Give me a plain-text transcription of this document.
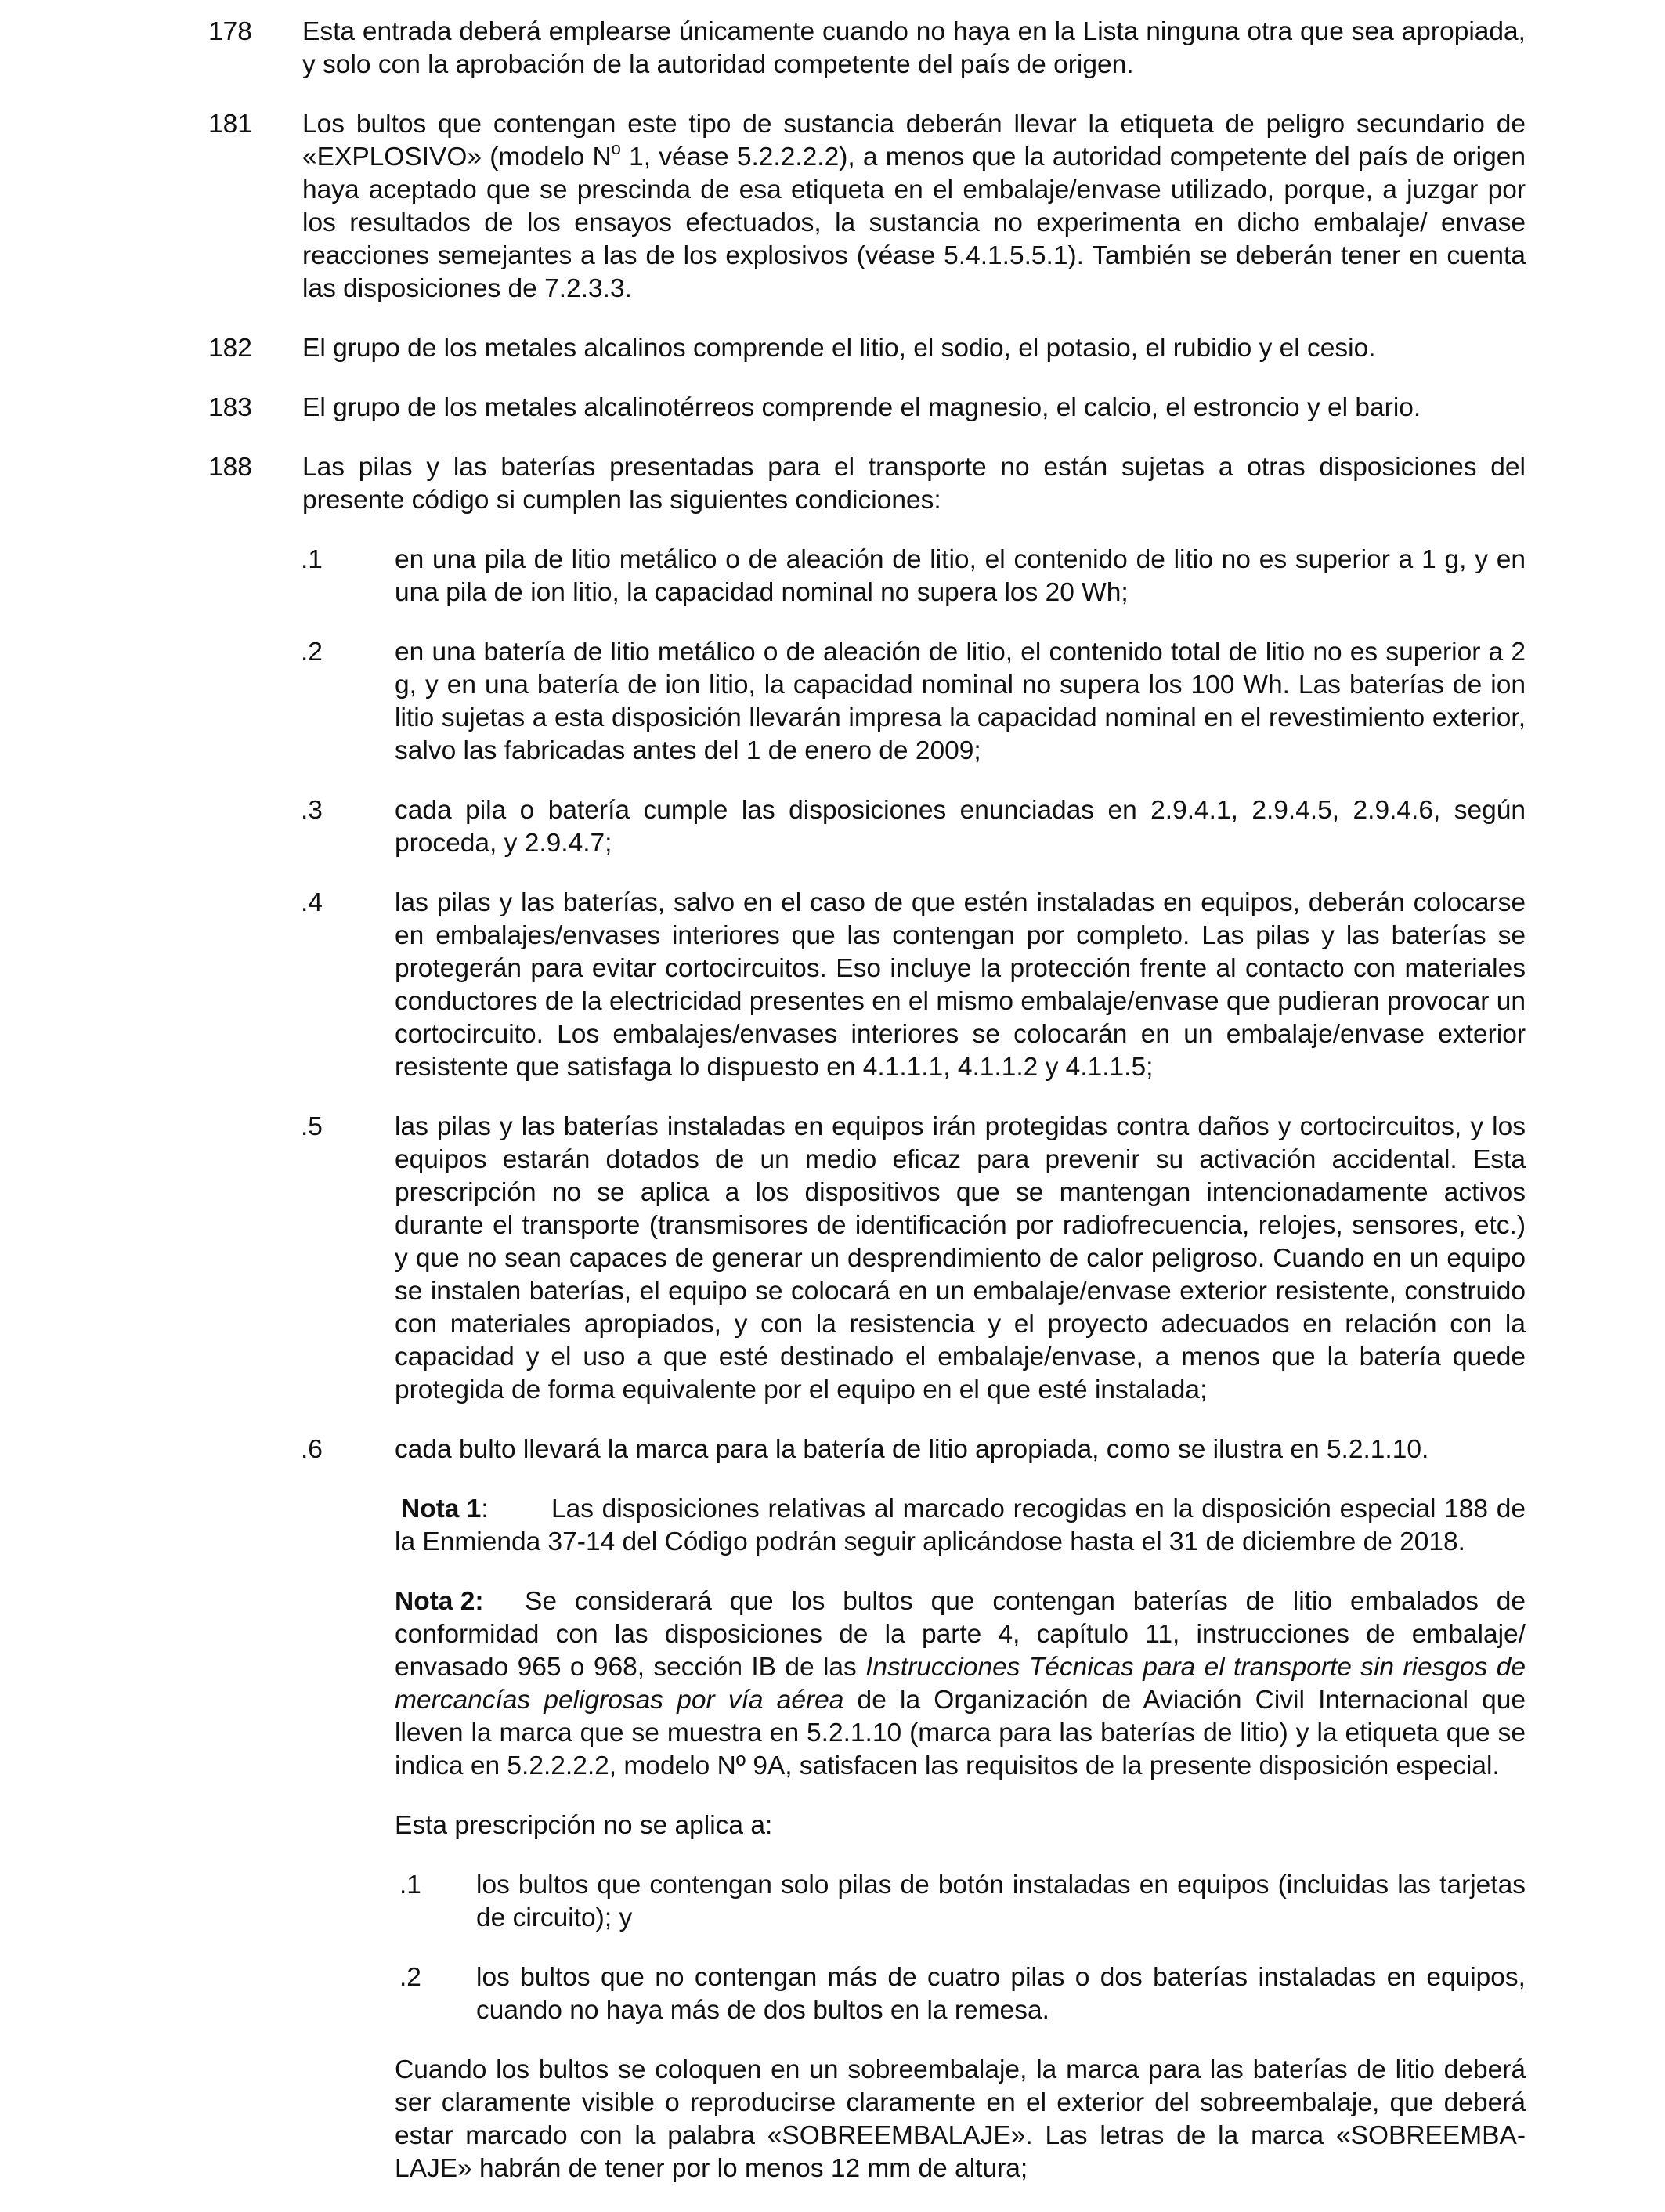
178	Esta entrada deberá emplearse únicamente cuando no haya en la Lista ninguna otra que sea apropiada, y solo con la aprobación de la autoridad competente del país de origen.
181	Los bultos que contengan este tipo de sustancia deberán llevar la etiqueta de peligro secundario de «EXPLOSIVO» (modelo $N^o$ 1, véase 5.2.2.2.2), a menos que la autoridad competente del país de origen haya aceptado que se prescinda de esa etiqueta en el embalaje/envase utilizado, porque, a juzgar por los resultados de los ensayos efectuados, la sustancia no experimenta en dicho embalaje/ envase reacciones semejantes a las de los explosivos (véase 5.4.1.5.5.1). También se deberán tener en cuenta las disposiciones de 7.2.3.3.
182	El grupo de los metales alcalinos comprende el litio, el sodio, el potasio, el rubidio y el cesio.
183	El grupo de los metales alcalinotérreos comprende el magnesio, el calcio, el estroncio y el bario.
188	Las pilas y las baterías presentadas para el transporte no están sujetas a otras disposiciones del presente código si cumplen las siguientes condiciones:
.1	en una pila de litio metálico o de aleación de litio, el contenido de litio no es superior a 1 g, y en una pila de ion litio, la capacidad nominal no supera los 20 Wh;
.2	en una batería de litio metálico o de aleación de litio, el contenido total de litio no es superior a 2 g, y en una batería de ion litio, la capacidad nominal no supera los 100 Wh. Las baterías de ion litio sujetas a esta disposición llevarán impresa la capacidad nominal en el revestimiento exterior, salvo las fabricadas antes del 1 de enero de 2009;
.3	cada pila o batería cumple las disposiciones enunciadas en 2.9.4.1, 2.9.4.5, 2.9.4.6, según proceda, y 2.9.4.7;
.4	las pilas y las baterías, salvo en el caso de que estén instaladas en equipos, deberán colocarse en embalajes/envases interiores que las contengan por completo. Las pilas y las baterías se protegerán para evitar cortocircuitos. Eso incluye la protección frente al contacto con materiales conductores de la electricidad presentes en el mismo embalaje/envase que pudieran provocar un cortocircuito. Los embalajes/envases interiores se colocarán en un embalaje/envase exterior resistente que satisfaga lo dispuesto en 4.1.1.1, 4.1.1.2 y 4.1.1.5;
.5	las pilas y las baterías instaladas en equipos irán protegidas contra daños y cortocircuitos, y los equipos estarán dotados de un medio eficaz para prevenir su activación accidental. Esta prescripción no se aplica a los dispositivos que se mantengan intencionadamente activos durante el transporte (transmisores de identificación por radiofrecuencia, relojes, sensores, etc.) y que no sean capaces de generar un desprendimiento de calor peligroso. Cuando en un equipo se instalen baterías, el equipo se colocará en un embalaje/envase exterior resistente, construido con materiales apropiados, y con la resistencia y el proyecto adecuados en relación con la capacidad y el uso a que esté destinado el embalaje/envase, a menos que la batería quede protegida de forma equivalente por el equipo en el que esté instalada;
.6	cada bulto llevará la marca para la batería de litio apropiada, como se ilustra en 5.2.1.10.
Nota 1: Las disposiciones relativas al marcado recogidas en la disposición especial 188 de la Enmienda 37-14 del Código podrán seguir aplicándose hasta el 31 de diciembre de 2018.
Nota 2: Se considerará que los bultos que contengan baterías de litio embalados de conformidad con las disposiciones de la parte 4, capítulo 11, instrucciones de embalaje/ envasado 965 o 968, sección IB de las Instrucciones Técnicas para el transporte sin riesgos de mercancías peligrosas por vía aérea de la Organización de Aviación Civil Internacional que lleven la marca que se muestra en 5.2.1.10 (marca para las baterías de litio) y la etiqueta que se indica en 5.2.2.2.2, modelo Nº 9A, satisfacen las requisitos de la presente disposición especial.
Esta prescripción no se aplica a:
.1 los bultos que contengan solo pilas de botón instaladas en equipos (incluidas las tarjetas de circuito); y
.2 los bultos que no contengan más de cuatro pilas o dos baterías instaladas en equipos, cuando no haya más de dos bultos en la remesa.
Cuando los bultos se coloquen en un sobreembalaje, la marca para las baterías de litio deberá ser claramente visible o reproducirse claramente en el exterior del sobreembalaje, que deberá estar marcado con la palabra «SOBREEMBALAJE». Las letras de la marca «SOBREEMBALAJE» habrán de tener por lo menos 12 mm de altura;
